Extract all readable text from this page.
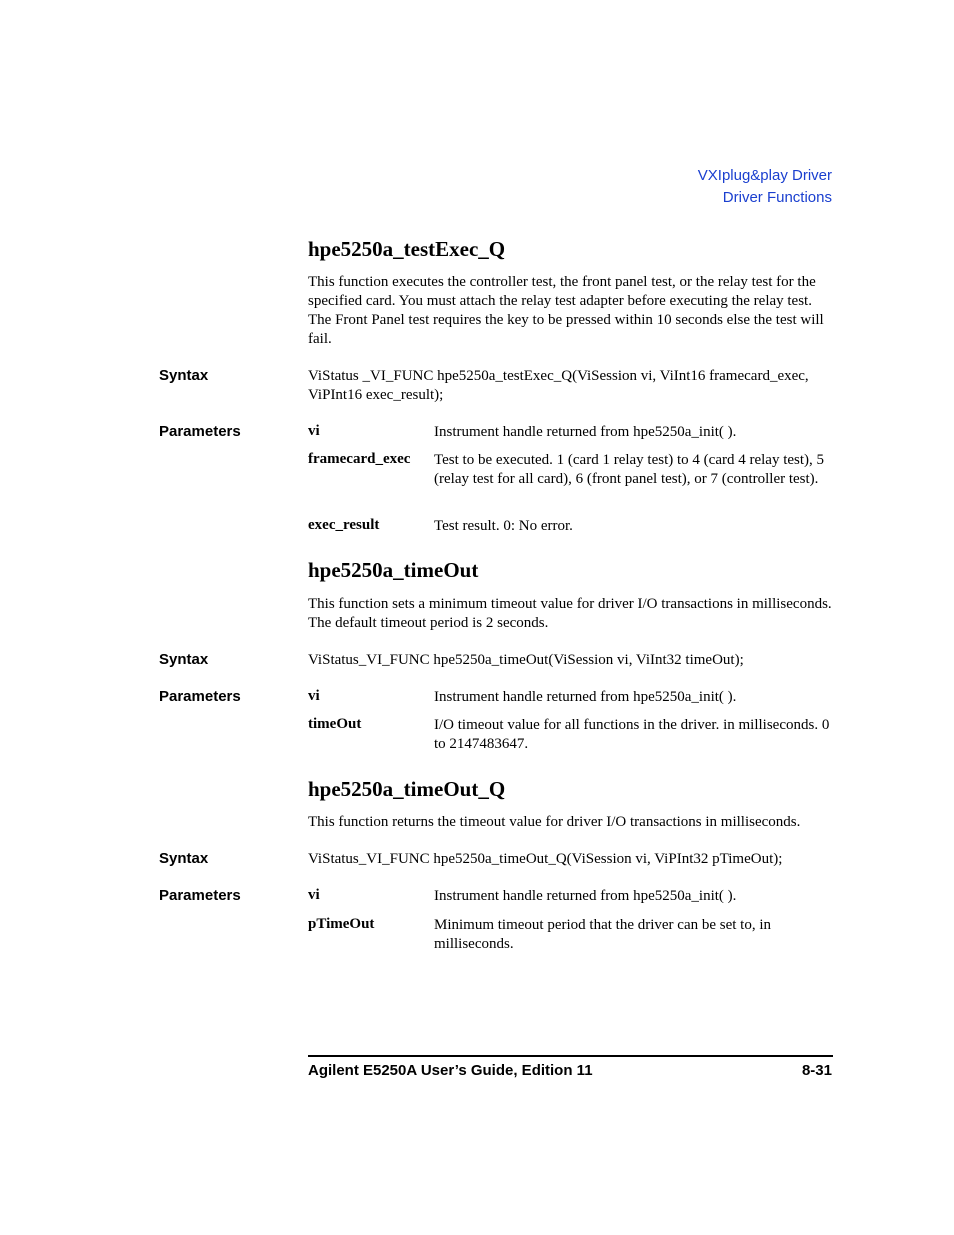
VXIplug&play Driver
Driver Functions
hpe5250a_testExec_Q
This function executes the controller test, the front panel test, or the relay test for the specified card. You must attach the relay test adapter before executing the relay test. The Front Panel test requires the key to be pressed within 10 seconds else the test will fail.
Syntax	ViStatus _VI_FUNC hpe5250a_testExec_Q(ViSession vi, ViInt16 framecard_exec, ViPInt16 exec_result);
Parameters	vi	Instrument handle returned from hpe5250a_init( ).
framecard_exec Test to be executed. 1 (card 1 relay test) to 4 (card 4 relay test), 5 (relay test for all card), 6 (front panel test), or 7 (controller test).
exec_result	Test result. 0: No error.
hpe5250a_timeOut
This function sets a minimum timeout value for driver I/O transactions in milliseconds. The default timeout period is 2 seconds.
Syntax	ViStatus_VI_FUNC hpe5250a_timeOut(ViSession vi, ViInt32 timeOut);
Parameters	vi	Instrument handle returned from hpe5250a_init( ).
timeOut	I/O timeout value for all functions in the driver. in milliseconds. 0 to 2147483647.
hpe5250a_timeOut_Q
This function returns the timeout value for driver I/O transactions in milliseconds.
Syntax	ViStatus_VI_FUNC hpe5250a_timeOut_Q(ViSession vi, ViPInt32 pTimeOut);
Parameters	vi	Instrument handle returned from hpe5250a_init( ).
pTimeOut	Minimum timeout period that the driver can be set to, in milliseconds.
Agilent E5250A User’s Guide, Edition 11	8-31
